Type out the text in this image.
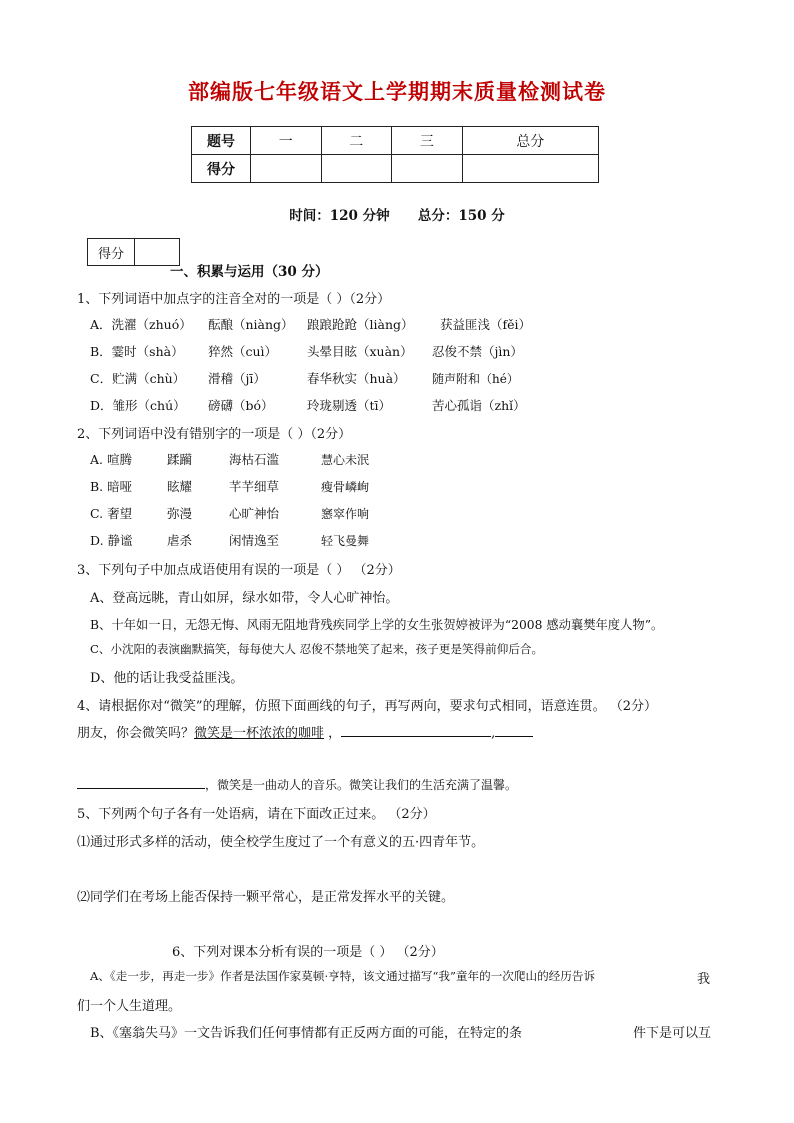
部编版七年级语文上学期期末质量检测试卷
题号	一	二	三	总分
得分				
时间：120 分钟      总分：150 分
得分
一、积累与运用（30 分）
1、下列词语中加点字的注音全对的一项是（ ）（2分）
A．洗濯（zhuó） 酝酿（niàng） 踉踉跄跄（liàng） 获益匪浅（fěi）
B．霎时（shà） 猝然（cuì） 头晕目眩（xuàn） 忍俊不禁（jìn）
C．贮满（chù） 滑稽（jī）	春华秋实（huà） 随声附和（hé）
D．雏形（chú） 磅礴（bó）	玲珑剔透（tī）	苦心孤诣（zhǐ）
2、下列词语中没有错别字的一项是（ ）（2分）
A. 喧腾	蹂躏	海枯石滥	慧心未泯
B. 暗哑	眩耀	芊芊细草	瘦骨嶙峋
C. 奢望	弥漫	心旷神怡	窸窣作响
D. 静谧	虐杀	闲情逸至	轻飞曼舞
3、下列句子中加点成语使用有误的一项是（ ） （2分）
A、登高远眺，青山如屏，绿水如带，令人心旷神怡。
B、十年如一日，无怨无悔、风雨无阻地背残疾同学上学的女生张贺婷被评为“2008 感动襄樊年度人物”。
C、小沈阳的表演幽默搞笑，每每使大人 忍俊不禁地笑了起来，孩子更是笑得前仰后合。
D、他的话让我受益匪浅。
4、请根据你对“微笑”的理解，仿照下面画线的句子，再写两向，要求句式相同，语意连贯。 （2分）
朋友，你会微笑吗？微笑是一杯浓浓的咖啡 ，	,
，微笑是一曲动人的音乐。微笑让我们的生活充满了温馨。
5、下列两个句子各有一处语病，请在下面改正过来。 （2分）
⑴通过形式多样的活动，使全校学生度过了一个有意义的五·四青年节。
⑵同学们在考场上能否保持一颗平常心，是正常发挥水平的关键。
6、下列对课本分析有误的一项是（ ） （2分）
A、《走一步，再走一步》作者是法国作家莫顿·亨特，该文通过描写“我”童年的一次爬山的经历告诉	我
们一个人生道理。
B、《塞翁失马》一文告诉我们任何事情都有正反两方面的可能，在特定的条	件下是可以互
